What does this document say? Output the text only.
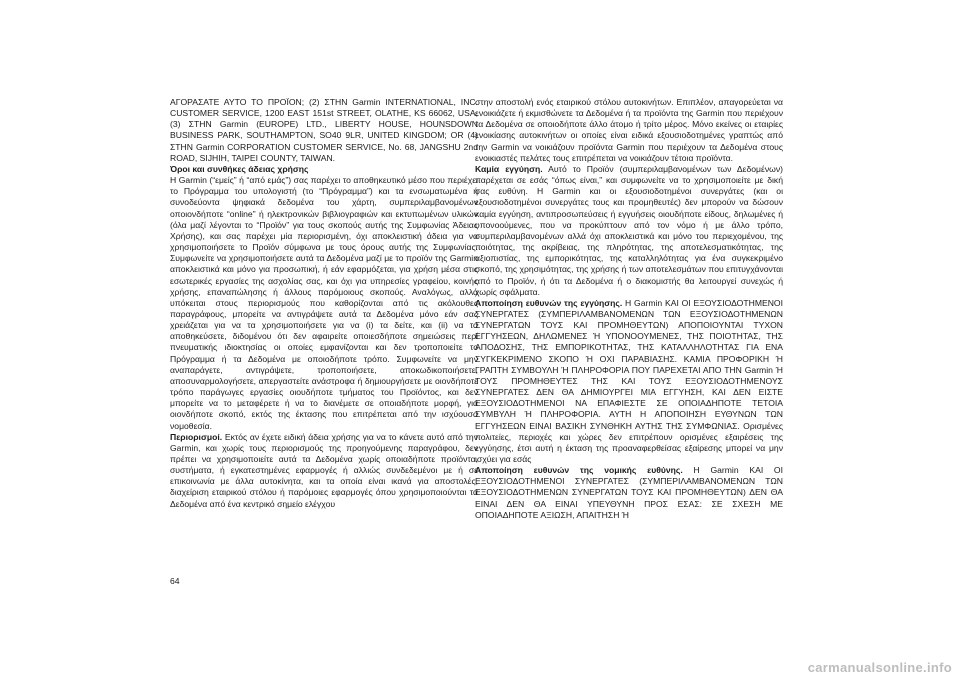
ΑΓΟΡΑΣΑΤΕ ΑΥΤΟ ΤΟ ΠΡΟΪΟΝ; (2) ΣΤΗΝ Garmin INTERNATIONAL, INC. CUSTOMER SERVICE, 1200 EAST 151st STREET, OLATHE, KS 66062, USA; (3) ΣΤΗΝ Garmin (EUROPE) LTD., LIBERTY HOUSE, HOUNSDOWN BUSINESS PARK, SOUTHAMPTON, SO40 9LR, UNITED KINGDOM; OR (4) ΣΤΗΝ Garmin CORPORATION CUSTOMER SERVICE, No. 68, JANGSHU 2nd ROAD, SIJHIH, TAIPEI COUNTY, TAIWAN.

Όροι και συνθήκες άδειας χρήσης
Η Garmin (“εμείς” ή “από εμάς”) σας παρέχει το αποθηκευτικό μέσο που περιέχει το Πρόγραμμα του υπολογιστή (το “Πρόγραμμα”) και τα ενσωματωμένα ή συνοδεύοντα ψηφιακά δεδομένα του χάρτη, συμπεριλαμβανομένων οποιονδήποτε “online” ή ηλεκτρονικών βιβλιογραφιών και εκτυπωμένων υλικών (όλα μαζί λέγονται το “Προϊόν” για τους σκοπούς αυτής της Συμφωνίας Άδειας Χρήσης), και σας παρέχει μία περιορισμένη, όχι αποκλειστική άδεια για να χρησιμοποιήσετε το Προϊόν σύμφωνα με τους όρους αυτής της Συμφωνίας. Συμφωνείτε να χρησιμοποιήσετε αυτά τα Δεδομένα μαζί με το προϊόν της Garmin αποκλειστικά και μόνο για προσωπική, ή εάν εφαρμόζεται, για χρήση μέσα στις εσωτερικές εργασίες της ασχολίας σας, και όχι για υπηρεσίες γραφείου, κοινής χρήσης, επαναπώλησης ή άλλους παρόμοιους σκοπούς. Αναλόγως, αλλά υπόκειται στους περιορισμούς που καθορίζονται από τις ακόλουθες παραγράφους, μπορείτε να αντιγράψετε αυτά τα Δεδομένα μόνο εάν σας χρειάζεται για να τα χρησιμοποιήσετε για να (i) τα δείτε, και (ii) να τα αποθηκεύσετε, διδομένου ότι δεν αφαιρείτε οποιεσδήποτε σημειώσεις περί πνευματικής ιδιοκτησίας οι οποίες εμφανίζονται και δεν τροποποιείτε το Πρόγραμμα ή τα Δεδομένα με οποιοδήποτε τρόπο. Συμφωνείτε να μην αναπαράγετε, αντιγράψετε, τροποποιήσετε, αποκωδικοποιήσετε, αποσυναρμολογήσετε, απεργαστείτε ανάστροφα ή δημιουργήσετε με οιονδήποτε τρόπο παράγωγες εργασίες οιουδήποτε τμήματος του Προϊόντος, και δεν μπορείτε να το μεταφέρετε ή να το διανέμετε σε οποιαδήποτε μορφή, για οιονδήποτε σκοπό, εκτός της έκτασης που επιτρέπεται από την ισχύουσα νομοθεσία.

Περιορισμοί. Εκτός αν έχετε ειδική άδεια χρήσης για να το κάνετε αυτό από την Garmin, και χωρίς τους περιορισμούς της προηγούμενης παραγράφου, δεν πρέπει να χρησιμοποιείτε αυτά τα Δεδομένα χωρίς οποιαδήποτε προϊόντα, συστήματα, ή εγκατεστημένες εφαρμογές ή αλλιώς συνδεδεμένοι με ή σε επικοινωνία με άλλα αυτοκίνητα, και τα οποία είναι ικανά για αποστολές, διαχείριση εταιρικού στόλου ή παρόμοιες εφαρμογές όπου χρησιμοποιούνται τα Δεδομένα από ένα κεντρικό σημείο ελέγχου

στην αποστολή ενός εταιρικού στόλου αυτοκινήτων. Επιπλέον, απαγορεύεται να ενοικιάζετε ή εκμισθώνετε τα Δεδομένα ή τα προϊόντα της Garmin που περιέχουν τα Δεδομένα σε οποιοδήποτε άλλο άτομο ή τρίτο μέρος. Μόνο εκείνες οι εταιρίες ενοικίασης αυτοκινήτων οι οποίες είναι ειδικά εξουσιοδοτημένες γραπτώς από την Garmin να νοικιάζουν προϊόντα Garmin που περιέχουν τα Δεδομένα στους ενοικιαστές πελάτες τους επιτρέπεται να νοικιάζουν τέτοια προϊόντα.

Καμία εγγύηση. Αυτό το Προϊόν (συμπεριλαμβανομένων των Δεδομένων) παρέχεται σε εσάς “όπως είναι,” και συμφωνείτε να το χρησιμοποιείτε με δική σας ευθύνη. Η Garmin και οι εξουσιοδοτημένοι συνεργάτες (και οι εξουσιοδοτημένοι συνεργάτες τους και προμηθευτές) δεν μπορούν να δώσουν καμία εγγύηση, αντιπροσωπεύσεις ή εγγυήσεις οιουδήποτε είδους, δηλωμένες ή υπονοούμενες, που να προκύπτουν από τον νόμο ή με άλλο τρόπο, συμπεριλαμβανομένων αλλά όχι αποκλειστικά και μόνο του περιεχομένου, της ποιότητας, της ακρίβειας, της πληρότητας, της αποτελεσματικότητας, της αξιοπιστίας, της εμπορικότητας, της καταλληλότητας για ένα συγκεκριμένο σκοπό, της χρησιμότητας, της χρήσης ή των αποτελεσμάτων που επιτυγχάνονται από το Προϊόν, ή ότι τα Δεδομένα ή ο διακομιστής θα λειτουργεί συνεχώς ή χωρίς σφάλματα.

Αποποίηση ευθυνών της εγγύησης. Η Garmin ΚΑΙ ΟΙ ΕΞΟΥΣΙΟΔΟΤΗΜΕΝΟΙ ΣΥΝΕΡΓΑΤΕΣ (ΣΥΜΠΕΡΙΛΑΜΒΑΝΟΜΕΝΩΝ ΤΩΝ ΕΞΟΥΣΙΟΔΟΤΗΜΕΝΩΝ ΣΥΝΕΡΓΑΤΩΝ ΤΟΥΣ ΚΑΙ ΠΡΟΜΗΘΕΥΤΩΝ) ΑΠΟΠΟΙΟΥΝΤΑΙ ΤΥΧΟΝ ΕΓΓΥΗΣΕΩΝ, ΔΗΛΩΜΕΝΕΣ Ή ΥΠΟΝΟΟΥΜΕΝΕΣ, ΤΗΣ ΠΟΙΟΤΗΤΑΣ, ΤΗΣ ΑΠΟΔΟΣΗΣ, ΤΗΣ ΕΜΠΟΡΙΚΟΤΗΤΑΣ, ΤΗΣ ΚΑΤΑΛΛΗΛΟΤΗΤΑΣ ΓΙΑ ΕΝΑ ΣΥΓΚΕΚΡΙΜΕΝΟ ΣΚΟΠΟ Ή ΟΧΙ ΠΑΡΑΒΙΑΣΗΣ. ΚΑΜΙΑ ΠΡΟΦΟΡΙΚΗ Ή ΓΡΑΠΤΗ ΣΥΜΒΟΥΛΗ Ή ΠΛΗΡΟΦΟΡΙΑ ΠΟΥ ΠΑΡΕΧΕΤΑΙ ΑΠΟ ΤΗΝ Garmin Ή ΤΟΥΣ ΠΡΟΜΗΘΕΥΤΕΣ ΤΗΣ ΚΑΙ ΤΟΥΣ ΕΞΟΥΣΙΟΔΟΤΗΜΕΝΟΥΣ ΣΥΝΕΡΓΑΤΕΣ ΔΕΝ ΘΑ ΔΗΜΙΟΥΡΓΕΙ ΜΙΑ ΕΓΓΥΗΣΗ, ΚΑΙ ΔΕΝ ΕΙΣΤΕ ΕΞΟΥΣΙΟΔΟΤΗΜΕΝΟΙ ΝΑ ΕΠΑΦΙΕΣΤΕ ΣΕ ΟΠΟΙΑΔΗΠΟΤΕ ΤΕΤΟΙΑ ΣΥΜΒΥΛΗ Ή ΠΛΗΡΟΦΟΡΙΑ. ΑΥΤΗ Η ΑΠΟΠΟΙΗΣΗ ΕΥΘΥΝΩΝ ΤΩΝ ΕΓΓΥΗΣΕΩΝ ΕΙΝΑΙ ΒΑΣΙΚΗ ΣΥΝΘΗΚΗ ΑΥΤΗΣ ΤΗΣ ΣΥΜΦΩΝΙΑΣ. Ορισμένες πολιτείες, περιοχές και χώρες δεν επιτρέπουν ορισμένες εξαιρέσεις της εγγύησης, έτσι αυτή η έκταση της προαναφερθείσας εξαίρεσης μπορεί να μην ισχύει για εσάς

Αποποίηση ευθυνών της νομικής ευθύνης. Η Garmin ΚΑΙ ΟΙ ΕΞΟΥΣΙΟΔΟΤΗΜΕΝΟΙ ΣΥΝΕΡΓΑΤΕΣ (ΣΥΜΠΕΡΙΛΑΜΒΑΝΟΜΕΝΩΝ ΤΩΝ ΕΞΟΥΣΙΟΔΟΤΗΜΕΝΩΝ ΣΥΝΕΡΓΑΤΩΝ ΤΟΥΣ ΚΑΙ ΠΡΟΜΗΘΕΥΤΩΝ) ΔΕΝ ΘΑ ΕΙΝΑΙ ΔΕΝ ΘΑ ΕΙΝΑΙ ΥΠΕΥΘΥΝΗ ΠΡΟΣ ΕΣΑΣ: ΣΕ ΣΧΕΣΗ ΜΕ ΟΠΟΙΑΔΗΠΟΤΕ ΑΞΙΩΣΗ, ΑΠΑΙΤΗΣΗ Ή

64
carmanualsonline.info
